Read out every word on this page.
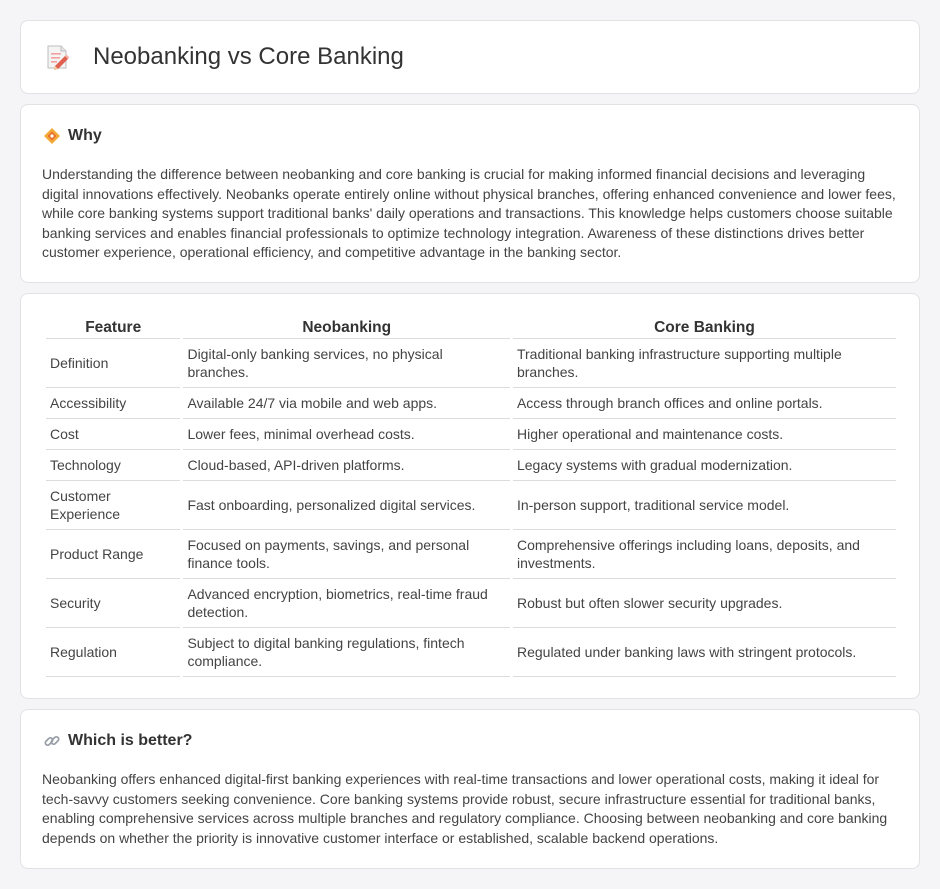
Neobanking vs Core Banking
Why

Understanding the difference between neobanking and core banking is crucial for making informed financial decisions and leveraging digital innovations effectively. Neobanks operate entirely online without physical branches, offering enhanced convenience and lower fees, while core banking systems support traditional banks' daily operations and transactions. This knowledge helps customers choose suitable banking services and enables financial professionals to optimize technology integration. Awareness of these distinctions drives better customer experience, operational efficiency, and competitive advantage in the banking sector.

Feature	Neobanking	Core Banking
Definition	Digital-only banking services, no physical branches.	Traditional banking infrastructure supporting multiple branches.
Accessibility	Available 24/7 via mobile and web apps.	Access through branch offices and online portals.
Cost	Lower fees, minimal overhead costs.	Higher operational and maintenance costs.
Technology	Cloud-based, API-driven platforms.	Legacy systems with gradual modernization.
Customer Experience	Fast onboarding, personalized digital services.	In-person support, traditional service model.
Product Range	Focused on payments, savings, and personal finance tools.	Comprehensive offerings including loans, deposits, and investments.
Security	Advanced encryption, biometrics, real-time fraud detection.	Robust but often slower security upgrades.
Regulation	Subject to digital banking regulations, fintech compliance.	Regulated under banking laws with stringent protocols.
Which is better?

Neobanking offers enhanced digital-first banking experiences with real-time transactions and lower operational costs, making it ideal for tech-savvy customers seeking convenience. Core banking systems provide robust, secure infrastructure essential for traditional banks, enabling comprehensive services across multiple branches and regulatory compliance. Choosing between neobanking and core banking depends on whether the priority is innovative customer interface or established, scalable backend operations.
